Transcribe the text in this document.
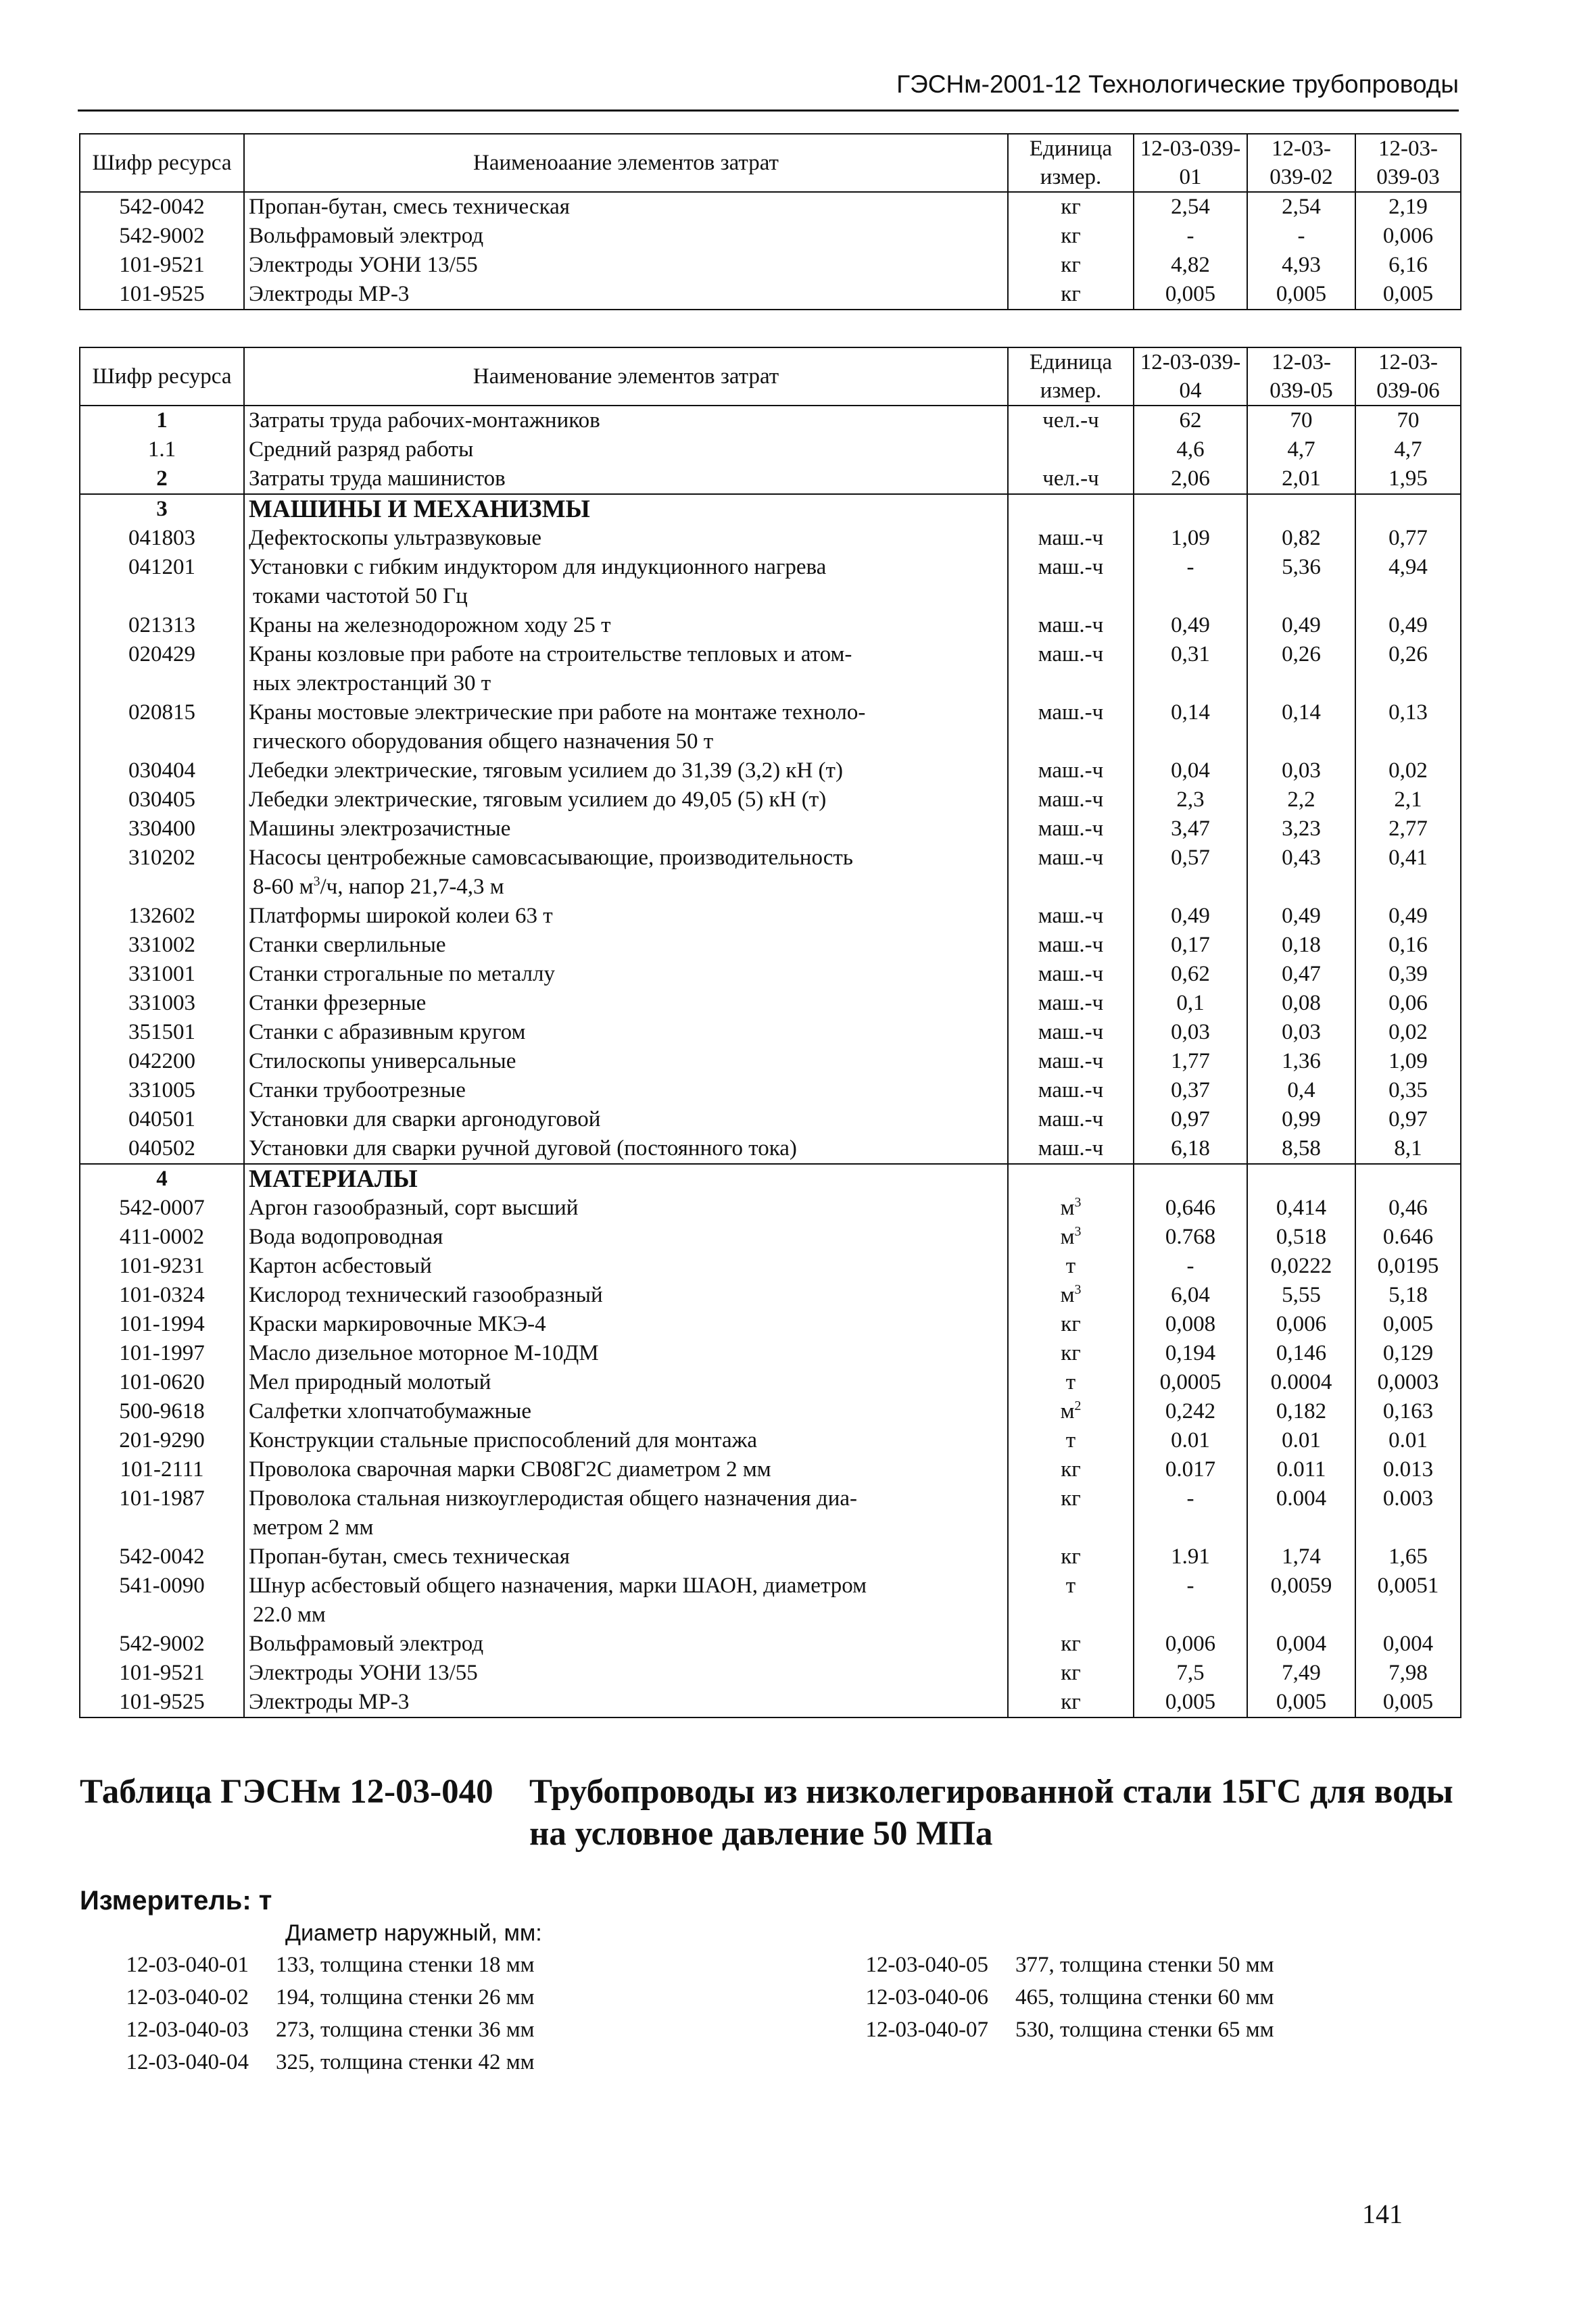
ГЭСНм-2001-12 Технологические трубопроводы
Шифр ресурса	Наименоаание элементов затрат	Единица измер.	12-03-039-01	12-03-039-02	12-03-039-03
542-0042	Пропан-бутан, смесь техническая	кг	2,54	2,54	2,19
542-9002	Вольфрамовый электрод	кг	-	-	0,006
101-9521	Электроды УОНИ 13/55	кг	4,82	4,93	6,16
101-9525	Электроды МР-3	кг	0,005	0,005	0,005
Шифр ресурса	Наименование элементов затрат	Единица измер.	12-03-039-04	12-03-039-05	12-03-039-06
1	Затраты труда рабочих-монтажников	чел.-ч	62	70	70
1.1	Средний разряд работы		4,6	4,7	4,7
2	Затраты труда машинистов	чел.-ч	2,06	2,01	1,95
3	МАШИНЫ И МЕХАНИЗМЫ				
041803	Дефектоскопы ультразвуковые	маш.-ч	1,09	0,82	0,77
041201	Установки с гибким индуктором для индукционного нагрева
токами частотой 50 Гц	маш.-ч	-	5,36	4,94
021313	Краны на железнодорожном ходу 25 т	маш.-ч	0,49	0,49	0,49
020429	Краны козловые при работе на строительстве тепловых и атом-
ных электростанций 30 т	маш.-ч	0,31	0,26	0,26
020815	Краны мостовые электрические при работе на монтаже техноло-
гического оборудования общего назначения 50 т	маш.-ч	0,14	0,14	0,13
030404	Лебедки электрические, тяговым усилием до 31,39 (3,2) кН (т)	маш.-ч	0,04	0,03	0,02
030405	Лебедки электрические, тяговым усилием до 49,05 (5) кН (т)	маш.-ч	2,3	2,2	2,1
330400	Машины электрозачистные	маш.-ч	3,47	3,23	2,77
310202	Насосы центробежные самовсасывающие, производительность
8-60 $м^3/ч$, напор 21,7-4,3 м	маш.-ч	0,57	0,43	0,41
132602	Платформы широкой колеи 63 т	маш.-ч	0,49	0,49	0,49
331002	Станки сверлильные	маш.-ч	0,17	0,18	0,16
331001	Станки строгальные по металлу	маш.-ч	0,62	0,47	0,39
331003	Станки фрезерные	маш.-ч	0,1	0,08	0,06
351501	Станки с абразивным кругом	маш.-ч	0,03	0,03	0,02
042200	Стилоскопы универсальные	маш.-ч	1,77	1,36	1,09
331005	Станки трубоотрезные	маш.-ч	0,37	0,4	0,35
040501	Установки для сварки аргонодуговой	маш.-ч	0,97	0,99	0,97
040502	Установки для сварки ручной дуговой (постоянного тока)	маш.-ч	6,18	8,58	8,1
4	МАТЕРИАЛЫ				
542-0007	Аргон газообразный, сорт высший	$м^3$	0,646	0,414	0,46
411-0002	Вода водопроводная	$м^3$	0.768	0,518	0.646
101-9231	Картон асбестовый	т	-	0,0222	0,0195
101-0324	Кислород технический газообразный	$м^3$	6,04	5,55	5,18
101-1994	Краски маркировочные МКЭ-4	кг	0,008	0,006	0,005
101-1997	Масло дизельное моторное М-10ДМ	кг	0,194	0,146	0,129
101-0620	Мел природный молотый	т	0,0005	0.0004	0,0003
500-9618	Салфетки хлопчатобумажные	$м^2$	0,242	0,182	0,163
201-9290	Конструкции стальные приспособлений для монтажа	т	0.01	0.01	0.01
101-2111	Проволока сварочная марки СВ08Г2С диаметром 2 мм	кг	0.017	0.011	0.013
101-1987	Проволока стальная низкоуглеродистая общего назначения диа-
метром 2 мм	кг	-	0.004	0.003
542-0042	Пропан-бутан, смесь техническая	кг	1.91	1,74	1,65
541-0090	Шнур асбестовый общего назначения, марки ШАОН, диаметром
22.0 мм	т	-	0,0059	0,0051
542-9002	Вольфрамовый электрод	кг	0,006	0,004	0,004
101-9521	Электроды УОНИ 13/55	кг	7,5	7,49	7,98
101-9525	Электроды МР-3	кг	0,005	0,005	0,005
Таблица ГЭСНм 12-03-040 Трубопроводы из низколегированной стали 15ГС для воды на условное давление 50 МПа
Измеритель: т
Диаметр наружный, мм:
12-03-040-01 133, толщина стенки 18 мм
12-03-040-02 194, толщина стенки 26 мм
12-03-040-03 273, толщина стенки 36 мм
12-03-040-04 325, толщина стенки 42 мм
12-03-040-05 377, толщина стенки 50 мм
12-03-040-06 465, толщина стенки 60 мм
12-03-040-07 530, толщина стенки 65 мм
141
